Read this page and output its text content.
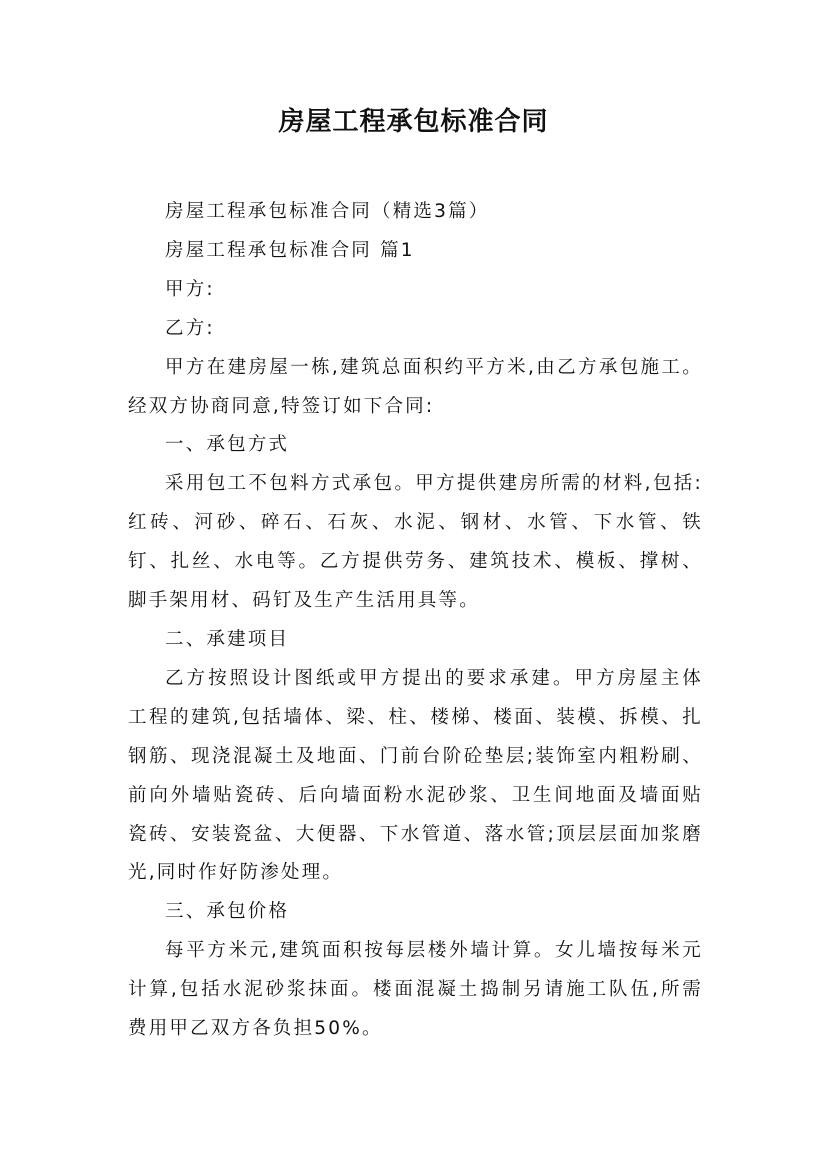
房屋工程承包标准合同

房屋工程承包标准合同（精选3篇）

房屋工程承包标准合同 篇1

甲方:

乙方:

甲方在建房屋一栋,建筑总面积约平方米,由乙方承包施工。经双方协商同意,特签订如下合同:

一、承包方式

采用包工不包料方式承包。甲方提供建房所需的材料,包括:红砖、河砂、碎石、石灰、水泥、钢材、水管、下水管、铁钉、扎丝、水电等。乙方提供劳务、建筑技术、模板、撑树、脚手架用材、码钉及生产生活用具等。

二、承建项目

乙方按照设计图纸或甲方提出的要求承建。甲方房屋主体工程的建筑,包括墙体、梁、柱、楼梯、楼面、装模、拆模、扎钢筋、现浇混凝土及地面、门前台阶砼垫层;装饰室内粗粉刷、前向外墙贴瓷砖、后向墙面粉水泥砂浆、卫生间地面及墙面贴瓷砖、安装瓷盆、大便器、下水管道、落水管;顶层层面加浆磨光,同时作好防渗处理。

三、承包价格

每平方米元,建筑面积按每层楼外墙计算。女儿墙按每米元计算,包括水泥砂浆抹面。楼面混凝土捣制另请施工队伍,所需费用甲乙双方各负担50%。
